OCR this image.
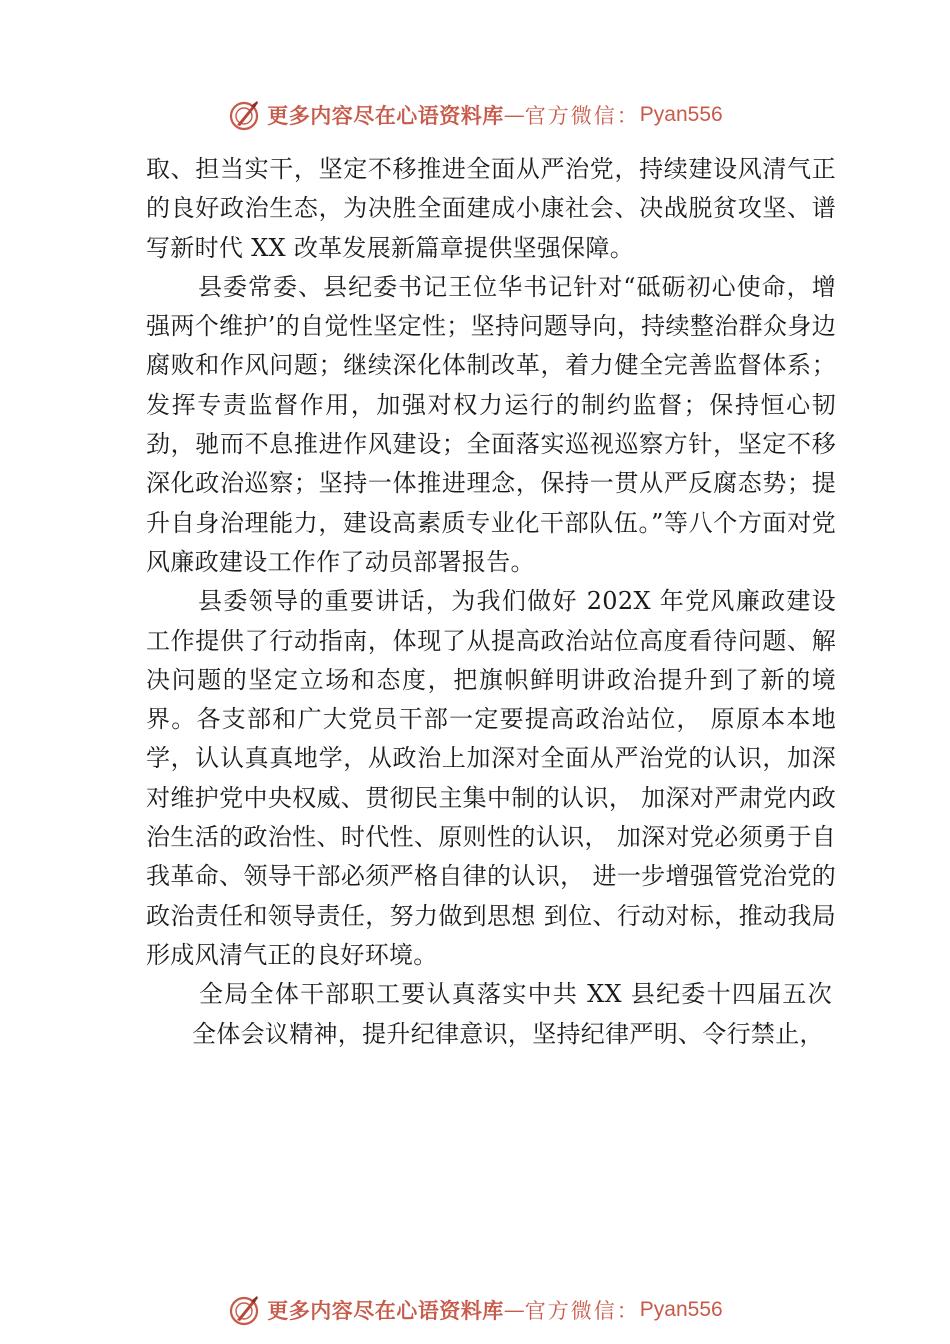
更多内容尽在心语资料库 — 官方微信： Pyan556

取、担当实干，坚定不移推进全面从严治党，持续建设风清气正的良好政治生态，为决胜全面建成小康社会、决战脱贫攻坚、谱写新时代 XX 改革发展新篇章提供坚强保障。

县委常委、县纪委书记王位华书记针对“砥砺初心使命，增强两个维护’的自觉性坚定性；坚持问题导向，持续整治群众身边腐败和作风问题；继续深化体制改革，着力健全完善监督体系；发挥专责监督作用，加强对权力运行的制约监督；保持恒心韧劲，驰而不息推进作风建设；全面落实巡视巡察方针，坚定不移深化政治巡察；坚持一体推进理念，保持一贯从严反腐态势；提升自身治理能力，建设高素质专业化干部队伍。”等八个方面对党风廉政建设工作作了动员部署报告。

县委领导的重要讲话，为我们做好 202X 年党风廉政建设工作提供了行动指南，体现了从提高政治站位高度看待问题、解决问题的坚定立场和态度，把旗帜鲜明讲政治提升到了新的境界。各支部和广大党员干部一定要提高政治站位， 原原本本地学，认认真真地学，从政治上加深对全面从严治党的认识，加深对维护党中央权威、贯彻民主集中制的认识， 加深对严肃党内政治生活的政治性、时代性、原则性的认识， 加深对党必须勇于自我革命、领导干部必须严格自律的认识， 进一步增强管党治党的政治责任和领导责任，努力做到思想 到位、行动对标，推动我局形成风清气正的良好环境。

全局全体干部职工要认真落实中共 XX 县纪委十四届五次全体会议精神，提升纪律意识，坚持纪律严明、令行禁止，

更多内容尽在心语资料库 — 官方微信： Pyan556
